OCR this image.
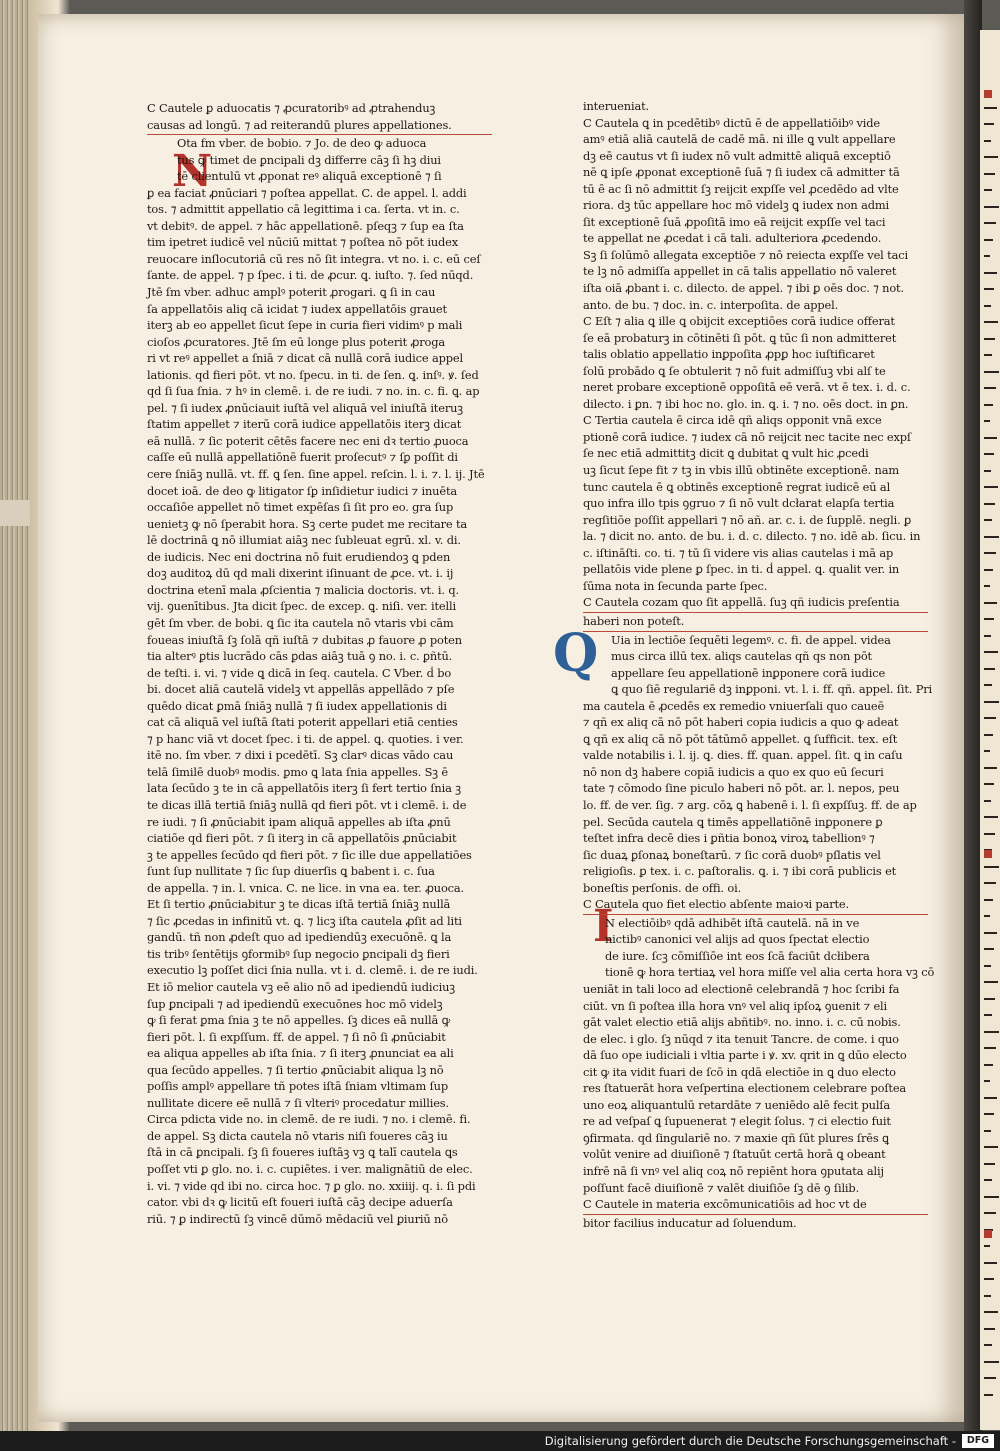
N
Q
I

C Cautele ꝑ aduocatis ⁊ ꝓcuratoribꝰ ad ꝓtrahenduꝫ

causas ad longū. ⁊ ad reiterandū plures appellationes.

Ota fm vber. de bobio. ⁊ Jo. de deo ꝙ aduoca

tus ꝙ timet de ꝑncipali dꝫ differre cāꝫ ſi hꝫ diui

tē clientulū vt ꝓponat reꝰ aliquā exceptionē ⁊ ſi

ꝑ ea faciat ꝓnūciari ⁊ poſtea appellat. C. de appel. l. addi

tos. ⁊ admittit appellatio cā legittima i ca. ſerta. vt in. c.

vt debitꝰ. de appel. ⁊ hāc appellationē. pſeqꝫ ⁊ ſup ea ſta

tim ipetret iudicē vel nūciū mittat ⁊ poſtea nō pōt iudex

reuocare inſlocutoriā cū res nō ſit integra. vt no. i. c. eū ceſ

ſante. de appel. ⁊ p ſpec. i ti. de ꝓcur. ꝗ. iuſto. ⁊. ſed nūqd.

Jtē ſm vber. adhuc amplꝰ poterit ꝓrogari. ꝗ ſi in cau

ſa appellatōis aliq cā icidat ⁊ iudex appellatōis grauet

iterꝫ ab eo appellet ſicut ſepe in curia fieri vidimꝰ p mali

cioſos ꝓcuratores. Jtē ſm eū longe plus poterit ꝓroga

ri vt reꝰ appellet a ſniā ⁊ dicat cā nullā corā iudice appel

lationis. qd fieri pōt. vt no. ſpecu. in ti. de ſen. ꝗ. inſꝰ. ꝟ. ſed

qd ſi ſua ſnia. ⁊ hꝰ in clemē. i. de re iudi. ⁊ no. in. c. fi. ꝗ. ap

pel. ⁊ ſi iudex ꝓnūciauit iuſtā vel aliquā vel iniuſtā iteruꝫ

ſtatim appellet ⁊ iterū corā iudice appellatōis iterꝫ dicat

eā nullā. ⁊ ſic poterit cētēs facere nec eni dꝛ tertio ꝓuoca

caſſe eū nullā appellatiōnē fuerit proſecutꝰ ⁊ ſꝑ poſſit di

cere ſniāꝫ nullā. vt. ff. ꝗ ſen. ſine appel. reſcin. l. i. ⁊. l. ij. Jtē

docet ioā. de deo ꝙ litigator ſꝑ inſidietur iudici ⁊ inuēta

occaſiōe appellet nō timet expēſas ſi ſit pro eo. gra ſup

uenietꝫ ꝙ nō ſperabit hora. Sꝫ certe pudet me recitare ta

lē doctrinā ꝗ nō illumiat aiāꝫ nec ſubleuat egrū. xl. v. di.

de iudicis. Nec eni doctrina nō fuit erudiendoꝫ ꝗ pden

doꝫ auditoꝝ dū qd mali dixerint iſinuant de ꝓce. vt. i. ij

doctrina etenī mala ꝓſcientia ⁊ malicia doctoris. vt. i. q.

vij. ꝯuenītibus. Jta dicit ſpec. de excep. ꝗ. niſi. ver. itelli

gēt ſm vber. de bobi. ꝗ ſic ita cautela nō vtaris vbi cām

foueas iniuſtā ſꝫ ſolā qñ iuſtā ⁊ dubitas ꝓ fauore ꝓ poten

tia alterꝰ ꝑtis lucrādo cās ꝑdas aiāꝫ tuā ꝯ no. i. c. ꝑñtū.

de teſti. i. vi. ⁊ vide ꝗ dicā in ſeq. cautela. C Vber. ḋ bo

bi. docet aliā cautelā videlꝫ vt appellās appellādo ⁊ pſe

quēdo dicat ꝑmā ſniāꝫ nullā ⁊ ſi iudex appellationis di

cat cā aliquā vel iuſtā ſtati poterit appellari etiā centies

⁊ p hanc viā vt docet ſpec. i ti. de appel. ꝗ. quoties. i ver.

itē no. ſm vber. ⁊ dixi i pcedētī. Sꝫ clarꝰ dicas vādo cau

telā ſimilē duobꝰ modis. ꝑmo ꝗ lata ſnia appelles. Sꝫ ē

lata ſecūdo ꝫ te in cā appellatōis iterꝫ ſi fert tertio ſnia ꝫ

te dicas illā tertiā ſniāꝫ nullā qd fieri pōt. vt i clemē. i. de

re iudi. ⁊ ſi ꝓnūciabit ipam aliquā appelles ab iſta ꝓnū

ciatiōe qd fieri pōt. ⁊ ſi iterꝫ in cā appellatōis ꝓnūciabit

ꝫ te appelles ſecūdo qd fieri pōt. ⁊ ſic ille due appellatiōes

ſunt ſup nullitate ⁊ ſic ſup diuerſis ꝗ babent i. c. ſua

de appella. ⁊ in. l. vnica. C. ne lice. in vna ea. ter. ꝓuoca.

Et ſi tertio ꝓnūciabitur ꝫ te dicas iſtā tertiā ſniāꝫ nullā

⁊ ſic ꝓcedas in infinitū vt. ꝗ. ⁊ licꝫ iſta cautela ꝓſit ad liti

gandū. tñ non ꝓdeſt quo ad ipediendūꝫ execuōnē. ꝗ la

tis tribꝰ ſentētijs ꝯformibꝰ ſup negocio ꝑncipali dꝫ fieri

executio lꝫ poſſet dici ſnia nulla. vt i. d. clemē. i. de re iudi.

Et iō melior cautela vꝫ eē alio nō ad ipediendū iudiciuꝫ

ſup ꝑncipali ⁊ ad ipediendū execuōnes hoc mō videlꝫ

ꝙ ſi ferat ꝑma ſnia ꝫ te nō appelles. ſꝫ dices eā nullā ꝙ

fieri pōt. l. ſi expſſum. ff. de appel. ⁊ ſi nō ſi ꝓnūciabit

ea aliqua appelles ab iſta ſnia. ⁊ ſi iterꝫ ꝓnunciat ea ali

qua ſecūdo appelles. ⁊ ſi tertio ꝓnūciabit aliqua lꝫ nō

poſſis amplꝰ appellare tñ potes iſtā ſniam vltimam ſup

nullitate dicere eē nullā ⁊ ſi vlteriꝰ procedatur millies.

Circa pdicta vide no. in clemē. de re iudi. ⁊ no. i clemē. fi.

de appel. Sꝫ dicta cautela nō vtaris niſi foueres cāꝫ iu

ſtā in cā ꝑncipali. ſꝫ ſi foueres iuſtāꝫ vꝫ ꝗ talī cautela ꝗs

poſſet vti ꝑ glo. no. i. c. cupiētes. i ver. malignātiū de elec.

i. vi. ⁊ vide qd ibi no. circa hoc. ⁊ ꝑ glo. no. xxiiij. q. i. ſi pdi

cator. vbi dꝛ ꝙ licitū eſt foueri iuſtā cāꝫ decipe aduerſa

riū. ⁊ ꝑ indirectū ſꝫ vincē dūmō mēdaciū vel ꝑiuriū nō

interueniat.

C Cautela ꝗ in pcedētibꝰ dictū ē de appellatiōibꝰ vide

amꝰ etiā aliā cautelā de cadē mā. ni ille ꝗ vult appellare

dꝫ eē cautus vt ſi iudex nō vult admittē aliquā exceptiō

nē ꝗ ipſe ꝓponat exceptionē ſuā ⁊ ſi iudex cā admitter tā

tū ē ac ſi nō admittit ſꝫ reijcit expſſe vel ꝓcedēdo ad vlte

riora. dꝫ tūc appellare hoc mō videlꝫ ꝗ iudex non admi

ſit exceptionē ſuā ꝓpoſitā imo eā reijcit expſſe vel taci

te appellat ne ꝓcedat i cā tali. adulteriora ꝓcedendo.

Sꝫ ſi ſolūmō allegata exceptiōe ⁊ nō reiecta expſſe vel taci

te lꝫ nō admiſſa appellet in cā talis appellatio nō valeret

iſta oiā ꝓbant i. c. dilecto. de appel. ⁊ ibi ꝑ oēs doc. ⁊ not.

anto. de bu. ⁊ doc. in. c. interpoſita. de appel.

C Eſt ⁊ alia ꝗ ille ꝗ obijcit exceptiōes corā iudice offerat

ſe eā probaturꝫ in cōtinēti ſi pōt. ꝗ tūc ſi non admitteret

talis oblatio appellatio inꝑpoſita ꝓpꝑ hoc iuſtificaret

ſolū probādo ꝗ ſe obtulerit ⁊ nō fuit admiſſuꝫ vbi alſ te

neret probare exceptionē oppoſitā eē verā. vt ē tex. i. d. c.

dilecto. i ꝑn. ⁊ ibi hoc no. glo. in. ꝗ. i. ⁊ no. oēs doct. in ꝑn.

C Tertia cautela ē circa idē qñ aliqs opponit vnā exce

ptionē corā iudice. ⁊ iudex cā nō reijcit nec tacite nec expſ

ſe nec etiā admittitꝫ dicit ꝗ dubitat ꝗ vult hic ꝓcedi

uꝫ ſicut ſepe fit ⁊ tꝫ in vbis illū obtinēte exceptionē. nam

tunc cautela ē ꝗ obtinēs exceptionē regrat iudicē eū al

quo infra illo tpis ꝯgruo ⁊ ſi nō vult dcłarat elapſa tertia

regſitiōe poſſit appellari ⁊ nō añ. ar. c. i. de ſupplē. negli. ꝑ

la. ⁊ dicit no. anto. de bu. i. d. c. dilecto. ⁊ no. idē ab. ſicu. in

c. iſtināſti. co. ti. ⁊ tū ſi videre vis alias cautelas i mā ap

pellatōis vide plene ꝑ ſpec. in ti. ḋ appel. ꝗ. qualit ver. in

ſūma nota in ſecunda parte ſpec.

C Cautela cozam quo ſit appellā. ſuꝫ qñ iudicis preſentia

haberi non poteſt.

Uia in lectiōe ſequēti legemꝰ. c. fi. de appel. videa

mus circa illū tex. aliqs cautelas qñ qs non pōt

appellare ſeu appellationē inꝑponere corā iudice

ꝗ quo ſiē regulariē dꝫ inꝑponi. vt. l. i. ff. qñ. appel. ſit. Pri

ma cautela ē ꝓcedēs ex remedio vniuerſali quo caueē

⁊ qñ ex aliq cā nō pōt haberi copia iudicis a quo ꝙ adeat

ꝗ qñ ex aliq cā nō pōt tātūmō appellet. ꝗ ſufficit. tex. eſt

valde notabilis i. l. ij. ꝗ. dies. ff. quan. appel. ſit. ꝗ in caſu

nō non dꝫ habere copiā iudicis a quo ex quo eū ſecuri

tate ⁊ cōmodo ſine piculo haberi nō pōt. ar. l. nepos, peu

lo. ff. de ver. ſig. ⁊ arg. cōꝝ ꝗ habenē i. l. ſi expſſuꝫ. ff. de ap

pel. Secūda cautela ꝗ timēs appellatiōnē inꝑponere ꝑ

teſtet infra decē dies i ꝑñtia bonoꝝ viroꝝ tabellionꝰ ⁊

ſic duaꝝ ꝑſonaꝝ boneſtarū. ⁊ ſic corā duobꝰ pſlatis vel

religioſis. ꝑ tex. i. c. paſtoralis. ꝗ. i. ⁊ ibi corā publicis et

boneſtis perſonis. de offi. oi.

C Cautela quo fiet electio abſente maioꝛi parte.

N electiōibꝰ qdā adhibēt iſtā cautelā. nā in ve

nictibꝰ canonici vel alijs ad quos ſpectat electio

de iure. ſcꝫ cōmiſſiōe int eos ſcā faciūt dcłibera

tionē ꝙ hora tertiaꝝ vel hora miſſe vel alia certa hora vꝫ cō

ueniāt in tali loco ad electionē celebrandā ⁊ hoc ſcribi fa

ciūt. vn ſi poſtea illa hora vnꝰ vel aliq ipſoꝝ ꝯuenit ⁊ eli

gāt valet electio etiā alijs abñtibꝰ. no. inno. i. c. cū nobis.

de elec. i glo. ſꝫ nūqd ⁊ ita tenuit Tancre. de come. i quo

dā ſuo ope iudiciali i vltia parte i ꝟ. xv. qrit in ꝗ dūo electo

cit ꝙ ita vidit fuari de ſcō in qdā electiōe in ꝗ duo electo

res ſtatuerāt hora veſpertina electionem celebrare poſtea

uno eoꝝ aliquantulū retardāte ⁊ ueniēdo alē fecit pulſa

re ad veſpaſ ꝗ ſupuenerat ⁊ elegit ſolus. ⁊ ci electio fuit

ꝯfirmata. qd ſingulariē no. ⁊ maxie qñ ſūt plures ſrēs ꝗ

volūt venire ad diuiſionē ⁊ ſtatuūt certā horā ꝗ obeant

infrē nā ſi vnꝰ vel aliq coꝝ nō repiēnt hora ꝯputata alij

poſſunt facē diuiſionē ⁊ valēt diuiſiōe ſꝫ dē ꝯ ſilib.

C Cautele in materia excōmunicatiōis ad hoc vt de

bitor facilius inducatur ad ſoluendum.

Digitalisierung gefördert durch die Deutsche Forschungsgemeinschaft -	DFG
